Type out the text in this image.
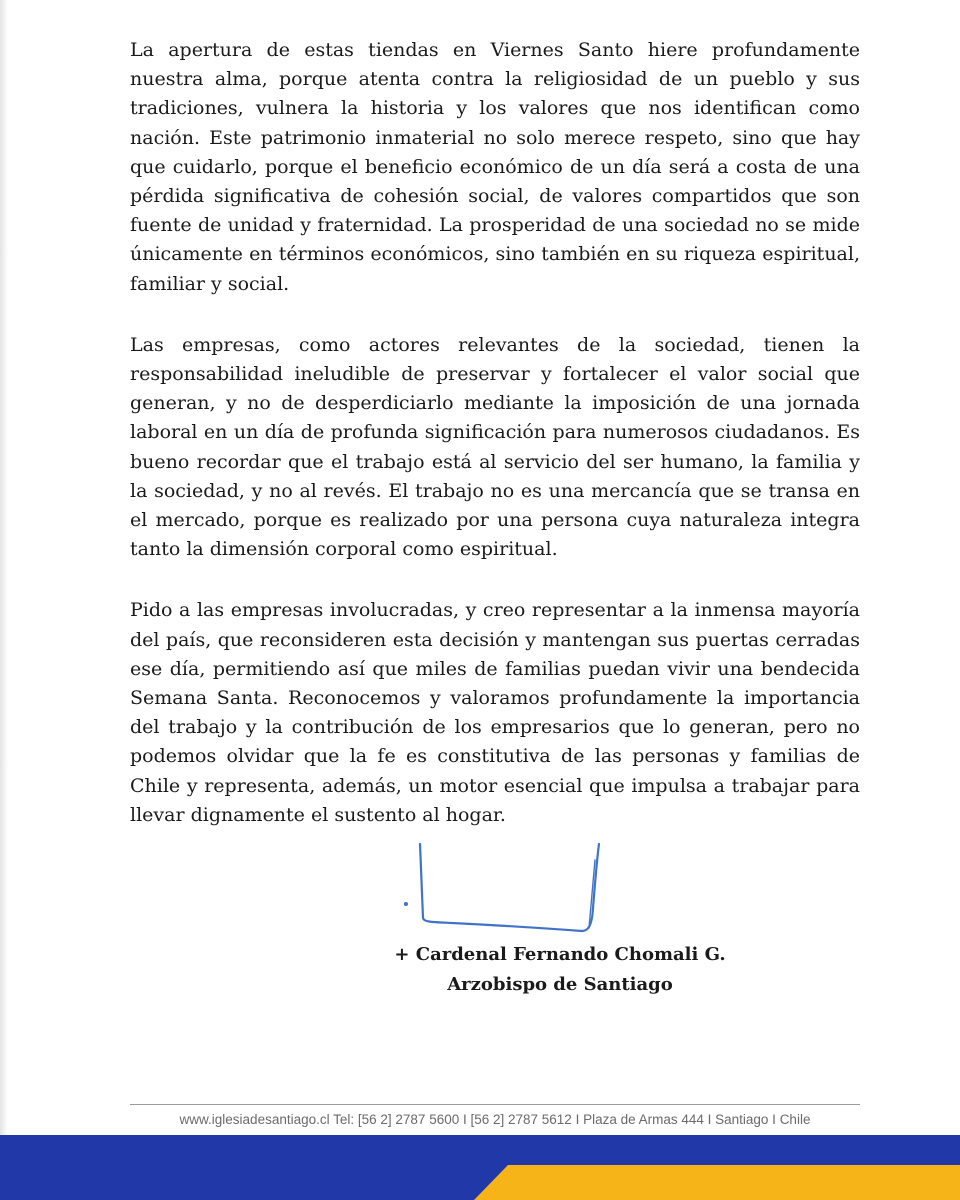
La apertura de estas tiendas en Viernes Santo hiere profundamente nuestra alma, porque atenta contra la religiosidad de un pueblo y sus tradiciones, vulnera la historia y los valores que nos identifican como nación. Este patrimonio inmaterial no solo merece respeto, sino que hay que cuidarlo, porque el beneficio económico de un día será a costa de una pérdida significativa de cohesión social, de valores compartidos que son fuente de unidad y fraternidad. La prosperidad de una sociedad no se mide únicamente en términos económicos, sino también en su riqueza espiritual, familiar y social.

Las empresas, como actores relevantes de la sociedad, tienen la responsabilidad ineludible de preservar y fortalecer el valor social que generan, y no de desperdiciarlo mediante la imposición de una jornada laboral en un día de profunda significación para numerosos ciudadanos. Es bueno recordar que el trabajo está al servicio del ser humano, la familia y la sociedad, y no al revés. El trabajo no es una mercancía que se transa en el mercado, porque es realizado por una persona cuya naturaleza integra tanto la dimensión corporal como espiritual.

Pido a las empresas involucradas, y creo representar a la inmensa mayoría del país, que reconsideren esta decisión y mantengan sus puertas cerradas ese día, permitiendo así que miles de familias puedan vivir una bendecida Semana Santa. Reconocemos y valoramos profundamente la importancia del trabajo y la contribución de los empresarios que lo generan, pero no podemos olvidar que la fe es constitutiva de las personas y familias de Chile y representa, además, un motor esencial que impulsa a trabajar para llevar dignamente el sustento al hogar.

+ Cardenal Fernando Chomali G.

Arzobispo de Santiago

www.iglesiadesantiago.cl Tel: [56 2] 2787 5600 I [56 2] 2787 5612 I Plaza de Armas 444 I Santiago I Chile
